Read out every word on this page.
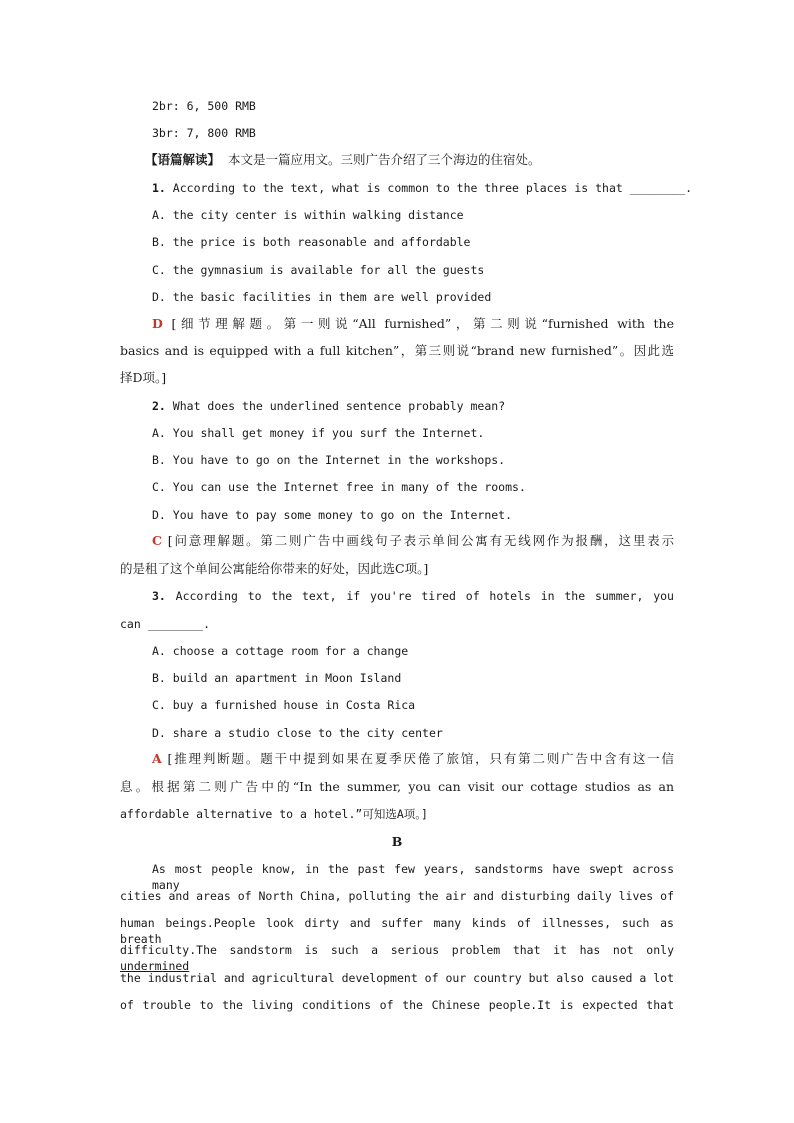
2br: 6, 500 RMB
3br: 7, 800 RMB
【语篇解读】 本文是一篇应用文。三则广告介绍了三个海边的住宿处。
1. According to the text, what is common to the three places is that ________.
A. the city center is within walking distance
B. the price is both reasonable and affordable
C. the gymnasium is available for all the guests
D. the basic facilities in them are well provided
D [细节理解题。第一则说“All furnished”，第二则说“furnished with the
basics and is equipped with a full kitchen”，第三则说“brand new furnished”。因此选
择D项。]
2. What does the underlined sentence probably mean?
A. You shall get money if you surf the Internet.
B. You have to go on the Internet in the workshops.
C. You can use the Internet free in many of the rooms.
D. You have to pay some money to go on the Internet.
C [问意理解题。第二则广告中画线句子表示单间公寓有无线网作为报酬，这里表示
的是租了这个单间公寓能给你带来的好处，因此选C项。]
3. According to the text, if you're tired of hotels in the summer, you
can ________.
A. choose a cottage room for a change
B. build an apartment in Moon Island
C. buy a furnished house in Costa Rica
D. share a studio close to the city center
A [推理判断题。题干中提到如果在夏季厌倦了旅馆，只有第二则广告中含有这一信
息。根据第二则广告中的“In the summer, you can visit our cottage studios as an
affordable alternative to a hotel.”可知选A项。]
B
As most people know, in the past few years, sandstorms have swept across many
cities and areas of North China, polluting the air and disturbing daily lives of
human beings.People look dirty and suffer many kinds of illnesses, such as breath
difficulty.The sandstorm is such a serious problem that it has not only undermined
the industrial and agricultural development of our country but also caused a lot
of trouble to the living conditions of the Chinese people.It is expected that
